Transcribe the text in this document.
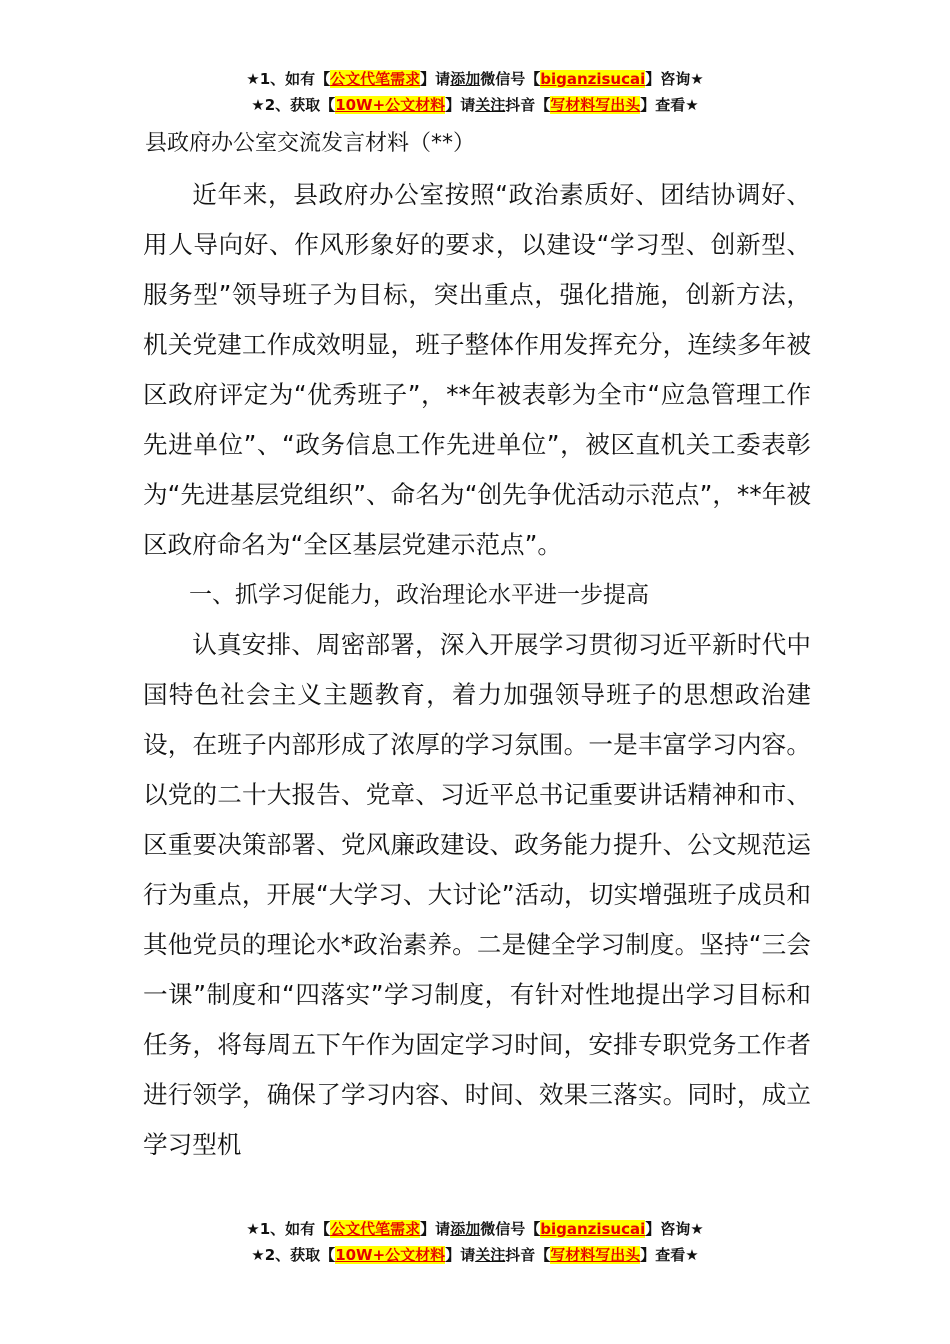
★1、如有【公文代笔需求】请添加微信号【biganzisucai】咨询★
★2、获取【10W+公文材料】请关注抖音【写材料写出头】查看★
县政府办公室交流发言材料（**）

近年来，县政府办公室按照“政治素质好、团结协调好、用人导向好、作风形象好的要求，以建设“学习型、创新型、服务型”领导班子为目标，突出重点，强化措施，创新方法，机关党建工作成效明显，班子整体作用发挥充分，连续多年被区政府评定为“优秀班子”，**年被表彰为全市“应急管理工作先进单位”、“政务信息工作先进单位”，被区直机关工委表彰为“先进基层党组织”、命名为“创先争优活动示范点”，**年被区政府命名为“全区基层党建示范点”。

一、抓学习促能力，政治理论水平进一步提高

认真安排、周密部署，深入开展学习贯彻习近平新时代中国特色社会主义主题教育，着力加强领导班子的思想政治建设，在班子内部形成了浓厚的学习氛围。一是丰富学习内容。以党的二十大报告、党章、习近平总书记重要讲话精神和市、区重要决策部署、党风廉政建设、政务能力提升、公文规范运行为重点，开展“大学习、大讨论”活动，切实增强班子成员和其他党员的理论水*政治素养。二是健全学习制度。坚持“三会一课”制度和“四落实”学习制度，有针对性地提出学习目标和任务，将每周五下午作为固定学习时间，安排专职党务工作者进行领学，确保了学习内容、时间、效果三落实。同时，成立学习型机

★1、如有【公文代笔需求】请添加微信号【biganzisucai】咨询★
★2、获取【10W+公文材料】请关注抖音【写材料写出头】查看★
